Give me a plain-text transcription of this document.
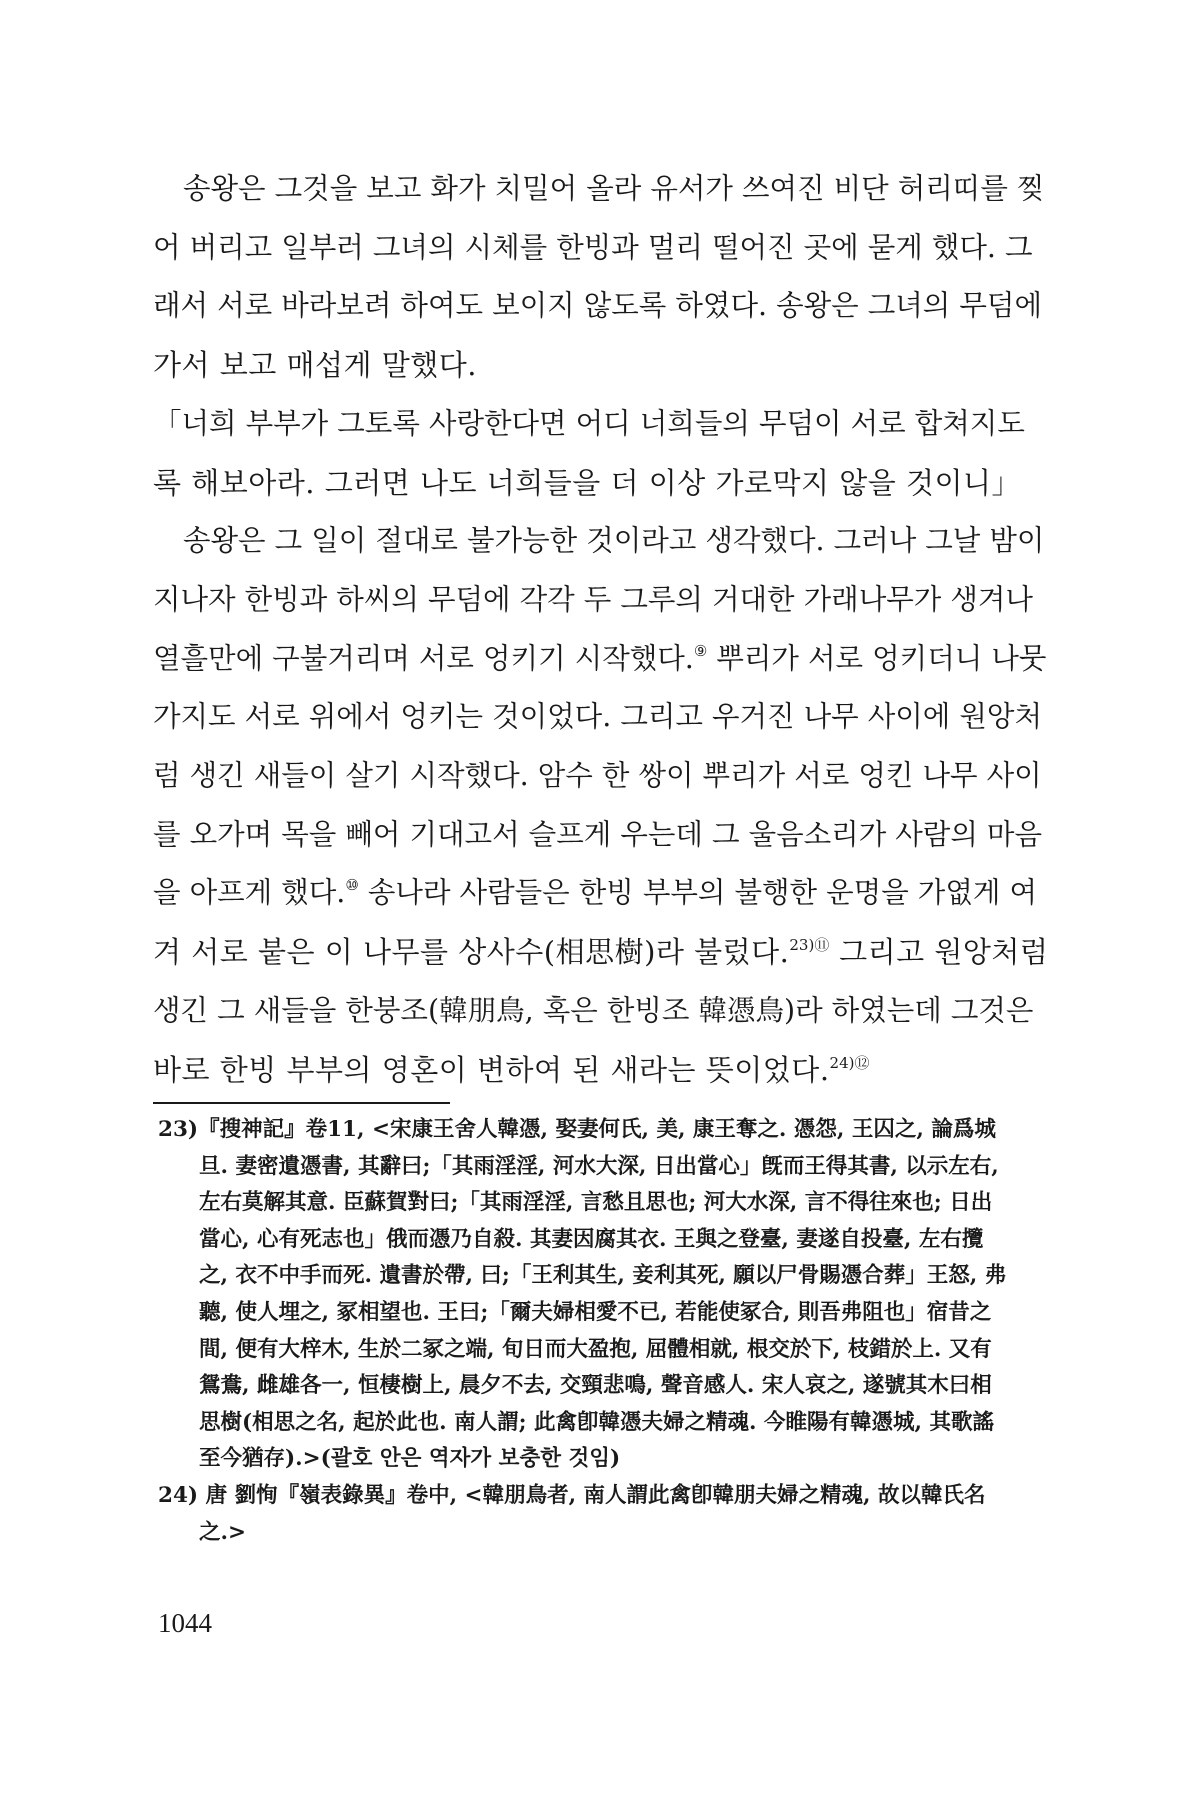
송왕은 그것을 보고 화가 치밀어 올라 유서가 쓰여진 비단 허리띠를 찢
어 버리고 일부러 그녀의 시체를 한빙과 멀리 떨어진 곳에 묻게 했다. 그
래서 서로 바라보려 하여도 보이지 않도록 하였다. 송왕은 그녀의 무덤에
가서 보고 매섭게 말했다.
「너희 부부가 그토록 사랑한다면 어디 너희들의 무덤이 서로 합쳐지도
록 해보아라. 그러면 나도 너희들을 더 이상 가로막지 않을 것이니」
송왕은 그 일이 절대로 불가능한 것이라고 생각했다. 그러나 그날 밤이
지나자 한빙과 하씨의 무덤에 각각 두 그루의 거대한 가래나무가 생겨나
열흘만에 구불거리며 서로 엉키기 시작했다.⑨ 뿌리가 서로 엉키더니 나뭇
가지도 서로 위에서 엉키는 것이었다. 그리고 우거진 나무 사이에 원앙처
럼 생긴 새들이 살기 시작했다. 암수 한 쌍이 뿌리가 서로 엉킨 나무 사이
를 오가며 목을 빼어 기대고서 슬프게 우는데 그 울음소리가 사람의 마음
을 아프게 했다.⑩ 송나라 사람들은 한빙 부부의 불행한 운명을 가엾게 여
겨 서로 붙은 이 나무를 상사수(相思樹)라 불렀다.$^{23)⑪}$ 그리고 원앙처럼
생긴 그 새들을 한붕조(韓朋鳥, 혹은 한빙조 韓憑鳥)라 하였는데 그것은
바로 한빙 부부의 영혼이 변하여 된 새라는 뜻이었다.$^{24)⑫}$
23)『搜神記』卷11, <宋康王舍人韓憑, 娶妻何氏, 美, 康王奪之. 憑怨, 王囚之, 論爲城
旦. 妻密遺憑書, 其辭曰;「其雨淫淫, 河水大深, 日出當心」旣而王得其書, 以示左右,
左右莫解其意. 臣蘇賀對曰;「其雨淫淫, 言愁且思也; 河大水深, 言不得往來也; 日出
當心, 心有死志也」俄而憑乃自殺. 其妻因腐其衣. 王與之登臺, 妻遂自投臺, 左右攬
之, 衣不中手而死. 遺書於帶, 曰;「王利其生, 妾利其死, 願以尸骨賜憑合葬」王怒, 弗
聽, 使人埋之, 冢相望也. 王曰;「爾夫婦相愛不已, 若能使冢合, 則吾弗阻也」宿昔之
間, 便有大梓木, 生於二冢之端, 旬日而大盈抱, 屈體相就, 根交於下, 枝錯於上. 又有
鴛鴦, 雌雄各一, 恒棲樹上, 晨夕不去, 交頸悲鳴, 聲音感人. 宋人哀之, 遂號其木曰相
思樹(相思之名, 起於此也. 南人謂; 此禽卽韓憑夫婦之精魂. 今睢陽有韓憑城, 其歌謠
至今猶存).>(괄호 안은 역자가 보충한 것임)
24) 唐 劉恂『嶺表錄異』卷中, <韓朋鳥者, 南人謂此禽卽韓朋夫婦之精魂, 故以韓氏名
之.>
1044
